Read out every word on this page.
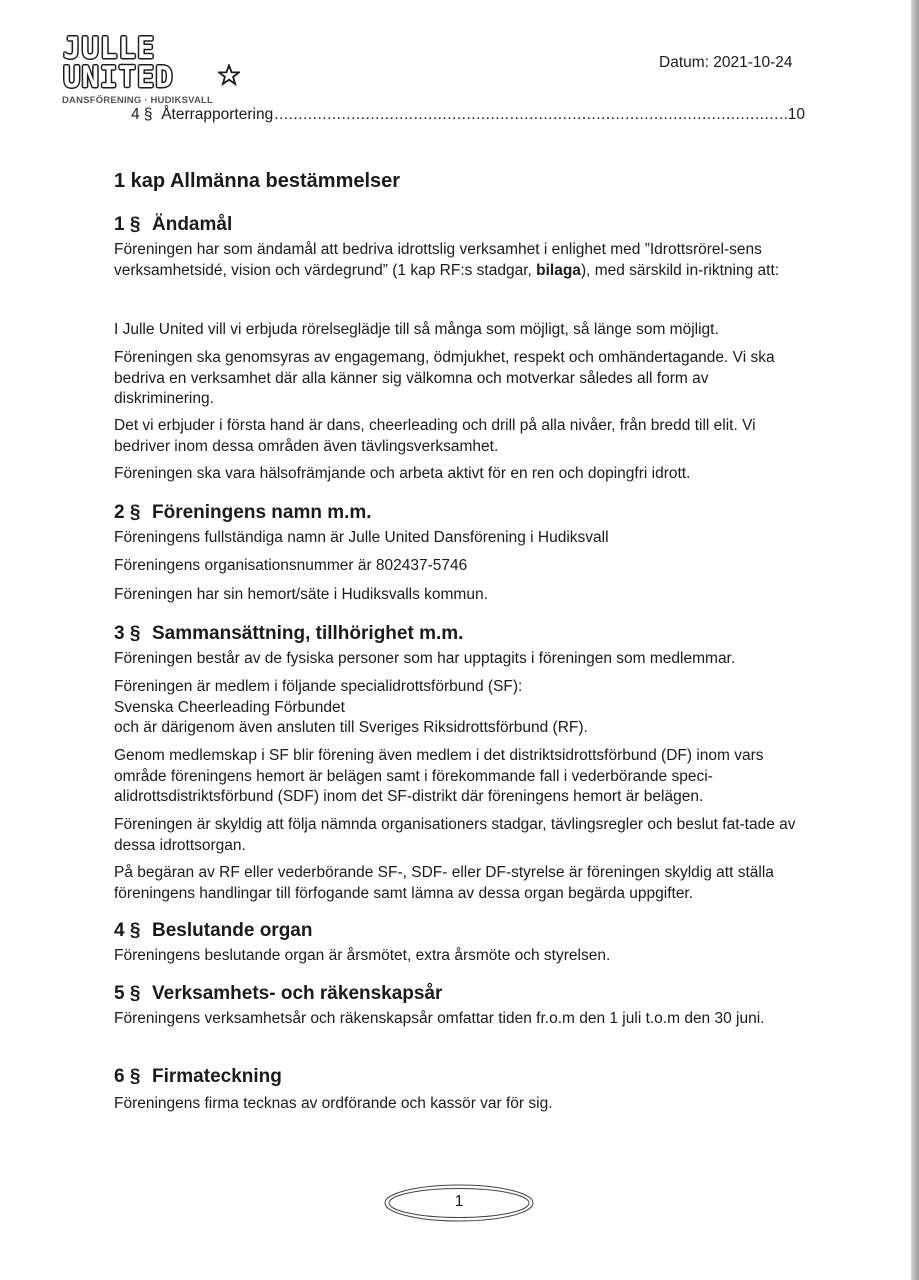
JULLE
UNITED
DANSFÖRENING · HUDIKSVALL
Datum: 2021-10-24
4 §
Återrapportering
.....	10
1 kap Allmänna bestämmelser
1 § Ändamål
Föreningen har som ändamål att bedriva idrottslig verksamhet i enlighet med ”Idrottsrörel-sens verksamhetsidé, vision och värdegrund” (1 kap RF:s stadgar, bilaga), med särskild in-riktning att:
I Julle United vill vi erbjuda rörelseglädje till så många som möjligt, så länge som möjligt.
Föreningen ska genomsyras av engagemang, ödmjukhet, respekt och omhändertagande. Vi ska bedriva en verksamhet där alla känner sig välkomna och motverkar således all form av diskriminering.
Det vi erbjuder i första hand är dans, cheerleading och drill på alla nivåer, från bredd till elit. Vi bedriver inom dessa områden även tävlingsverksamhet.
Föreningen ska vara hälsofrämjande och arbeta aktivt för en ren och dopingfri idrott.
2 § Föreningens namn m.m.
Föreningens fullständiga namn är Julle United Dansförening i Hudiksvall
Föreningens organisationsnummer är 802437-5746
Föreningen har sin hemort/säte i Hudiksvalls kommun.
3 § Sammansättning, tillhörighet m.m.
Föreningen består av de fysiska personer som har upptagits i föreningen som medlemmar.
Föreningen är medlem i följande specialidrottsförbund (SF):
Svenska Cheerleading Förbundet
och är därigenom även ansluten till Sveriges Riksidrottsförbund (RF).
Genom medlemskap i SF blir förening även medlem i det distriktsidrottsförbund (DF) inom vars område föreningens hemort är belägen samt i förekommande fall i vederbörande speci-alidrottsdistriktsförbund (SDF) inom det SF-distrikt där föreningens hemort är belägen.
Föreningen är skyldig att följa nämnda organisationers stadgar, tävlingsregler och beslut fat-tade av dessa idrottsorgan.
På begäran av RF eller vederbörande SF-, SDF- eller DF-styrelse är föreningen skyldig att ställa föreningens handlingar till förfogande samt lämna av dessa organ begärda uppgifter.
4 § Beslutande organ
Föreningens beslutande organ är årsmötet, extra årsmöte och styrelsen.
5 § Verksamhets- och räkenskapsår
Föreningens verksamhetsår och räkenskapsår omfattar tiden fr.o.m den 1 juli t.o.m den 30 juni.
6 § Firmateckning
Föreningens firma tecknas av ordförande och kassör var för sig.
1
